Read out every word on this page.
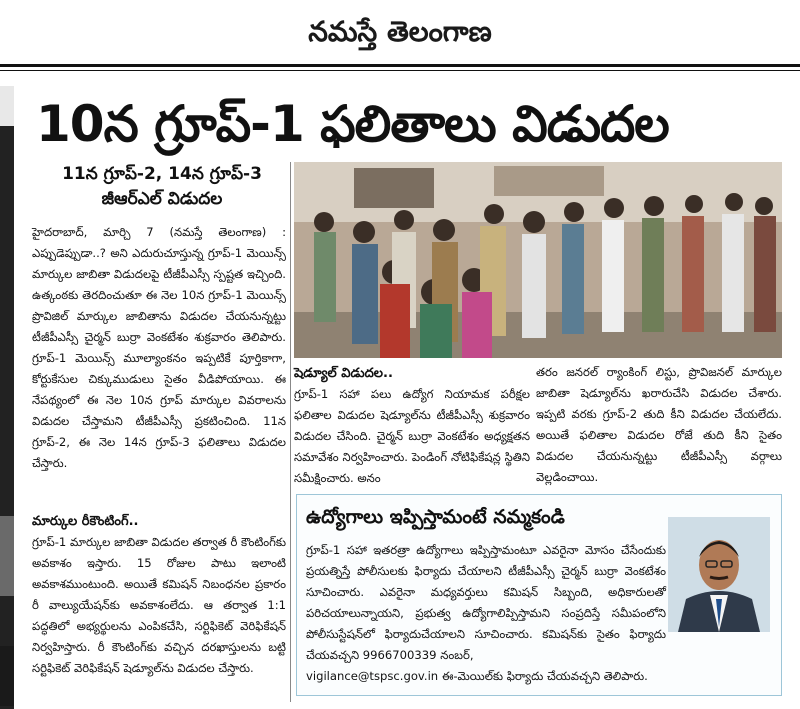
నమస్తే తెలంగాణ
10న గ్రూప్-1 ఫలితాలు విడుదల
11న గ్రూప్-2, 14న గ్రూప్-3
జీఆర్‌ఎల్ విడుదల
హైదరాబాద్, మార్చి 7 (నమస్తే తెలంగాణ) : ఎప్పుడెప్పుడా..? అని ఎదురుచూస్తున్న గ్రూప్-1 మెయిన్స్ మార్కుల జాబితా విడుదలపై టీజీపీఎస్సీ స్పష్టత ఇచ్చింది. ఉత్కంఠకు తెరదించుతూ ఈ నెల 10న గ్రూప్-1 మెయిన్స్ ప్రొవిజిల్ మార్కుల జాబితాను విడుదల చేయనున్నట్టు టీజీపీఎస్సీ చైర్మన్ బుర్రా వెంకటేశం శుక్రవారం తెలిపారు. గ్రూప్-1 మెయిన్స్ మూల్యాంకనం ఇప్పటికే పూర్తికాగా, కోర్టుకేసుల చిక్కుముడులు సైతం వీడిపోయాయి. ఈ నేపథ్యంలో ఈ నెల 10న గ్రూప్ మార్కుల వివరాలను విడుదల చేస్తామని టీజీపీఎస్సీ ప్రకటించింది. 11న గ్రూప్-2, ఈ నెల 14న గ్రూప్-3 ఫలితాలు విడుదల చేస్తారు.
మార్కుల రీకౌంటింగ్..
గ్రూప్-1 మార్కుల జాబితా విడుదల తర్వాత రీ కౌంటింగ్‌కు అవకాశం ఇస్తారు. 15 రోజుల పాటు ఇలాంటి అవకాశముంటుంది. అయితే కమిషన్ నిబంధనల ప్రకారం రీ వాల్యుయేషన్‌కు అవకాశంలేదు. ఆ తర్వాత 1:1 పద్ధతిలో అభ్యర్థులను ఎంపికచేసి, సర్టిఫికెట్ వెరిఫికేషన్ నిర్వహిస్తారు. రీ కౌంటింగ్‌కు వచ్చిన దరఖాస్తులను బట్టి సర్టిఫికెట్ వెరిఫికేషన్ షెడ్యూల్‌ను విడుదల చేస్తారు.
షెడ్యూల్ విడుదల..
గ్రూప్-1 సహా పలు ఉద్యోగ నియామక పరీక్షల ఫలితాల విడుదల షెడ్యూల్‌ను టీజీపీఎస్సీ శుక్రవారం విడుదల చేసింది. చైర్మన్ బుర్రా వెంకటేశం అధ్యక్షతన సమావేశం నిర్వహించారు. పెండింగ్ నోటిఫికేషన్ల స్థితిని సమీక్షించారు. అనం
తరం జనరల్ ర్యాంకింగ్ లిస్టు, ప్రొవిజనల్ మార్కుల జాబితా షెడ్యూల్‌ను ఖరారుచేసి విడుదల చేశారు. ఇప్పటి వరకు గ్రూప్-2 తుది కీని విడుదల చేయలేదు. అయితే ఫలితాల విడుదల రోజే తుది కీని సైతం విడుదల చేయనున్నట్టు టీజీపీఎస్సీ వర్గాలు వెల్లడించాయి.
ఉద్యోగాలు ఇప్పిస్తామంటే నమ్మకండి
గ్రూప్-1 సహా ఇతరత్రా ఉద్యోగాలు ఇప్పిస్తామంటూ ఎవరైనా మోసం చేసేందుకు ప్రయత్నిస్తే పోలీసులకు ఫిర్యాదు చేయాలని టీజీపీఎస్సీ చైర్మన్ బుర్రా వెంకటేశం సూచించారు. ఎవరైనా మధ్యవర్తులు కమిషన్ సిబ్బంది, అధికారులతో పరిచయాలున్నాయని, ప్రభుత్వ ఉద్యోగాలిప్పిస్తామని సంప్రదిస్తే సమీపంలోని పోలీసుస్టేషన్‌లో ఫిర్యాదుచేయాలని సూచించారు. కమిషన్‌కు సైతం ఫిర్యాదు చేయవచ్చని 9966700339 నంబర్,
vigilance@tspsc.gov.in ఈ-మెయిల్‌కు ఫిర్యాదు చేయవచ్చని తెలిపారు.
